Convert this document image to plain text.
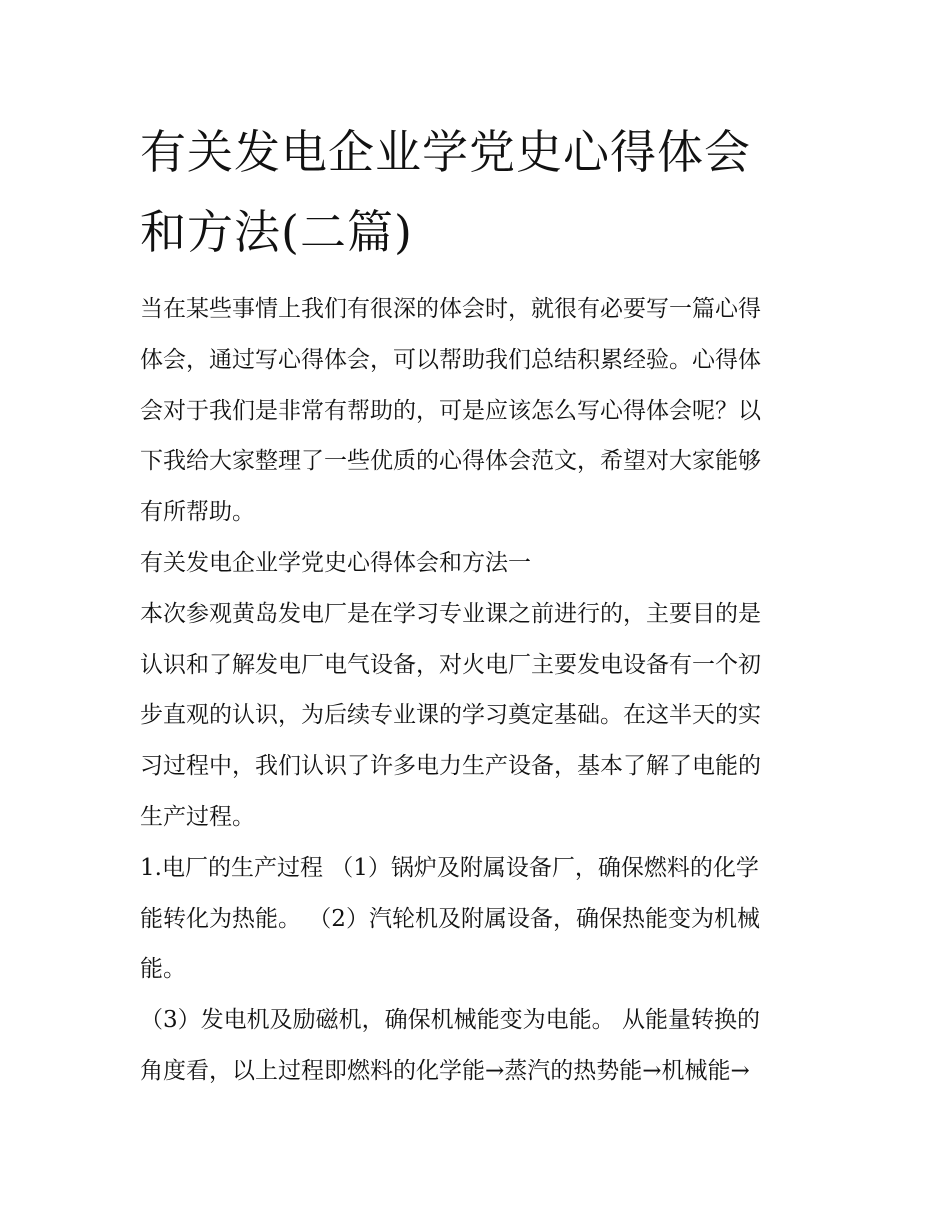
有关发电企业学党史心得体会
和方法(二篇)
当在某些事情上我们有很深的体会时，就很有必要写一篇心得
体会，通过写心得体会，可以帮助我们总结积累经验。心得体
会对于我们是非常有帮助的，可是应该怎么写心得体会呢？以
下我给大家整理了一些优质的心得体会范文，希望对大家能够
有所帮助。
有关发电企业学党史心得体会和方法一
本次参观黄岛发电厂是在学习专业课之前进行的，主要目的是
认识和了解发电厂电气设备，对火电厂主要发电设备有一个初
步直观的认识，为后续专业课的学习奠定基础。在这半天的实
习过程中，我们认识了许多电力生产设备，基本了解了电能的
生产过程。
1.电厂的生产过程 （1）锅炉及附属设备厂，确保燃料的化学
能转化为热能。 （2）汽轮机及附属设备，确保热能变为机械
能。
（3）发电机及励磁机，确保机械能变为电能。 从能量转换的
角度看，以上过程即燃料的化学能→蒸汽的热势能→机械能→
